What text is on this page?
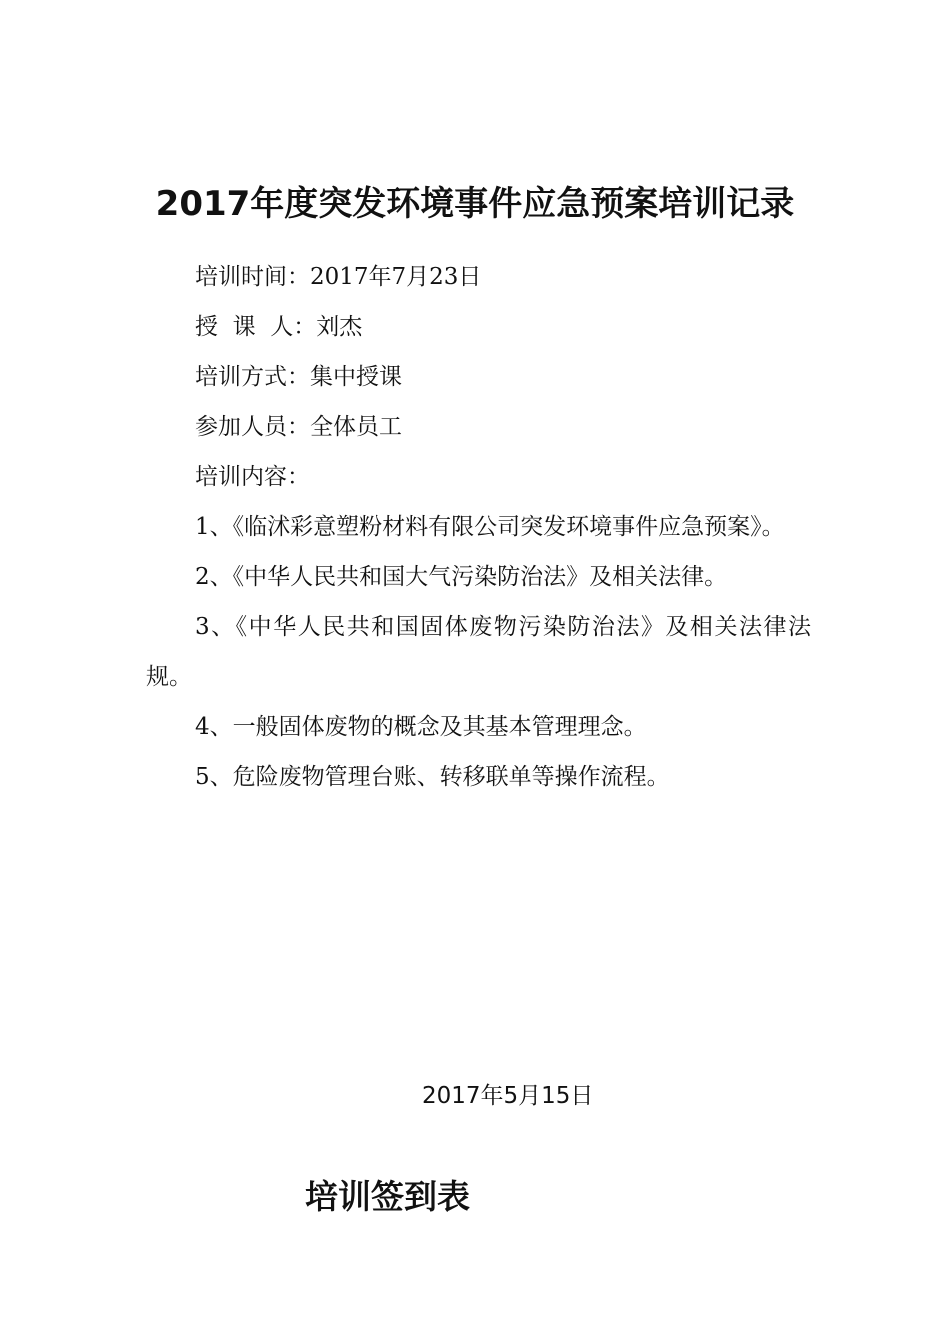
2017年度突发环境事件应急预案培训记录
培训时间：2017年7月23日
授  课  人：刘杰
培训方式：集中授课
参加人员：全体员工
培训内容：
1、《临沭彩意塑粉材料有限公司突发环境事件应急预案》。
2、《中华人民共和国大气污染防治法》及相关法律。
3、《中华人民共和国固体废物污染防治法》及相关法律法规。
4、一般固体废物的概念及其基本管理理念。
5、危险废物管理台账、转移联单等操作流程。
2017年5月15日
培训签到表
